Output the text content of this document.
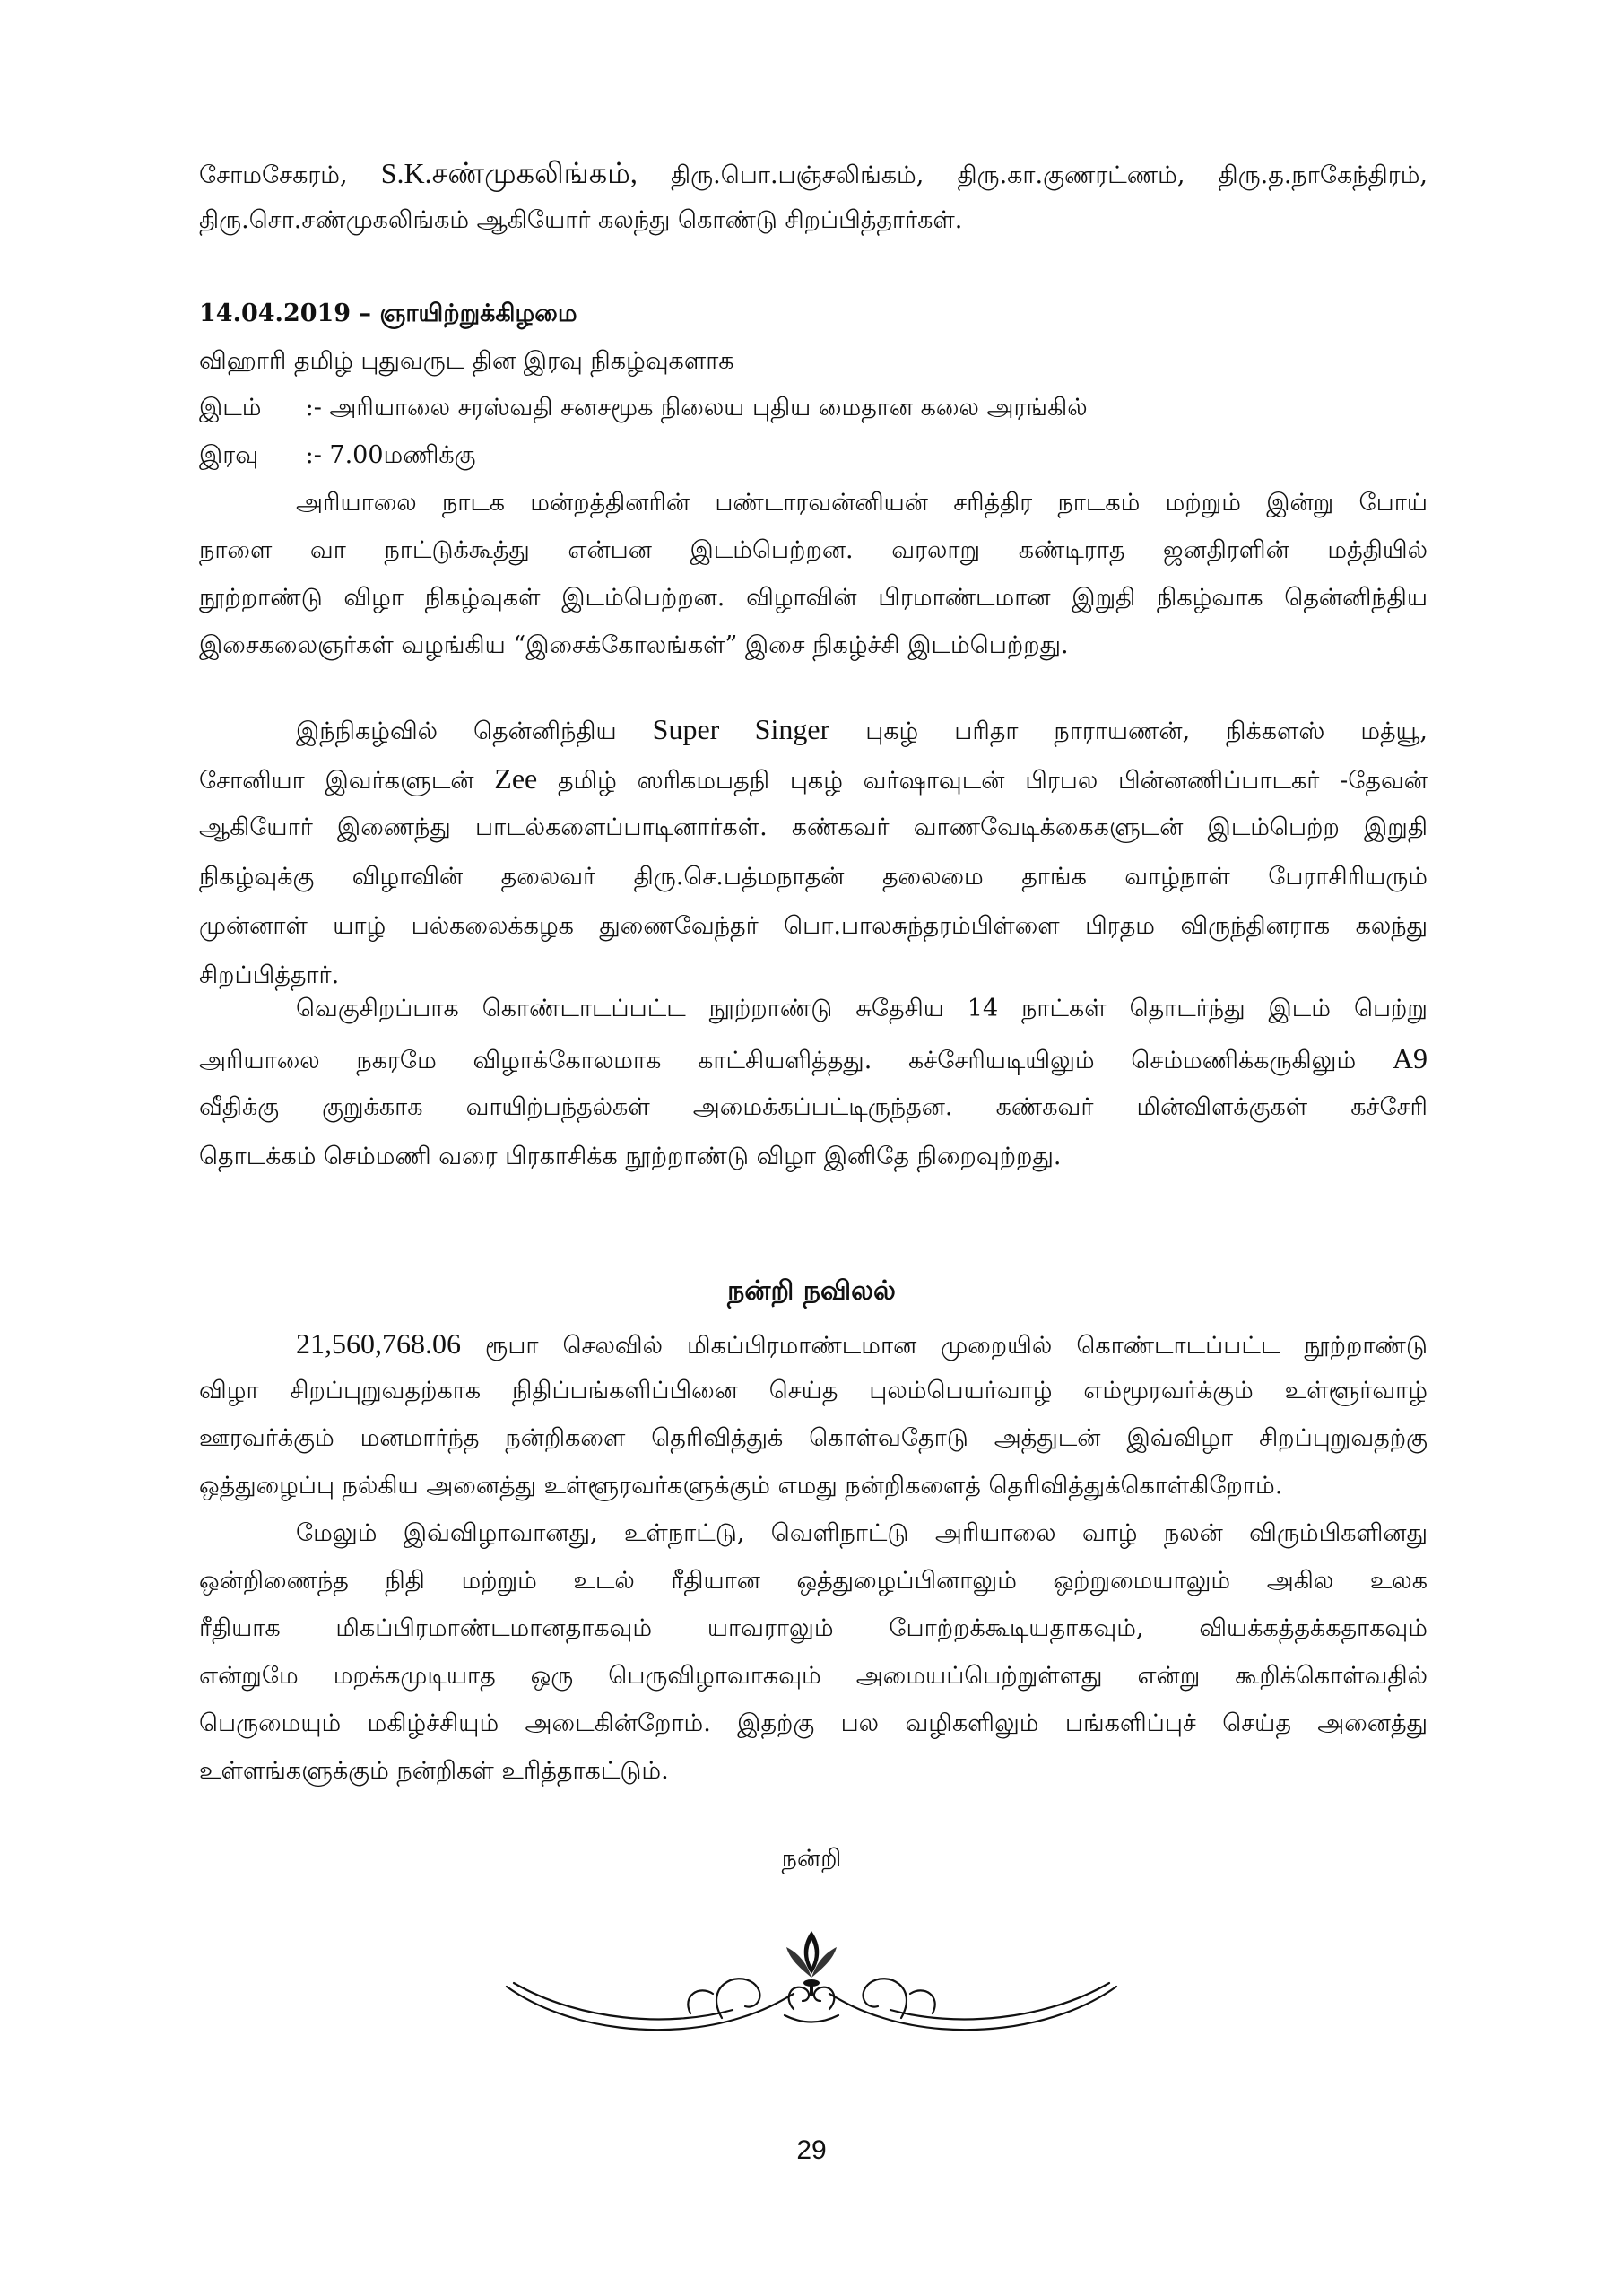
சோமசேகரம், S.K.சண்முகலிங்கம், திரு.பொ.பஞ்சலிங்கம், திரு.கா.குணரட்ணம், திரு.த.நாகேந்திரம்,
திரு.சொ.சண்முகலிங்கம் ஆகியோர் கலந்து கொண்டு சிறப்பித்தார்கள்.
14.04.2019 – ஞாயிற்றுக்கிழமை
விஹாரி தமிழ் புதுவருட தின இரவு நிகழ்வுகளாக
இடம் :- அரியாலை சரஸ்வதி சனசமூக நிலைய புதிய மைதான கலை அரங்கில்
இரவு :- 7.00மணிக்கு
அரியாலை நாடக மன்றத்தினரின் பண்டாரவன்னியன் சரித்திர நாடகம் மற்றும் இன்று போய்
நாளை வா நாட்டுக்கூத்து என்பன இடம்பெற்றன. வரலாறு கண்டிராத ஜனதிரளின் மத்தியில்
நூற்றாண்டு விழா நிகழ்வுகள் இடம்பெற்றன. விழாவின் பிரமாண்டமான இறுதி நிகழ்வாக தென்னிந்திய
இசைகலைஞர்கள் வழங்கிய “இசைக்கோலங்கள்” இசை நிகழ்ச்சி இடம்பெற்றது.
இந்நிகழ்வில் தென்னிந்திய Super Singer புகழ் பரிதா நாராயணன், நிக்களஸ் மத்யூ,
சோனியா இவர்களுடன் Zee தமிழ் ஸரிகமபதநி புகழ் வர்ஷாவுடன் பிரபல பின்னணிப்பாடகர் -தேவன்
ஆகியோர் இணைந்து பாடல்களைப்பாடினார்கள். கண்கவர் வாணவேடிக்கைகளுடன் இடம்பெற்ற இறுதி
நிகழ்வுக்கு விழாவின் தலைவர் திரு.செ.பத்மநாதன் தலைமை தாங்க வாழ்நாள் பேராசிரியரும்
முன்னாள் யாழ் பல்கலைக்கழக துணைவேந்தர் பொ.பாலசுந்தரம்பிள்ளை பிரதம விருந்தினராக கலந்து
சிறப்பித்தார்.
வெகுசிறப்பாக கொண்டாடப்பட்ட நூற்றாண்டு சுதேசிய 14 நாட்கள் தொடர்ந்து இடம் பெற்று
அரியாலை நகரமே விழாக்கோலமாக காட்சியளித்தது. கச்சேரியடியிலும் செம்மணிக்கருகிலும் A9
வீதிக்கு குறுக்காக வாயிற்பந்தல்கள் அமைக்கப்பட்டிருந்தன. கண்கவர் மின்விளக்குகள் கச்சேரி
தொடக்கம் செம்மணி வரை பிரகாசிக்க நூற்றாண்டு விழா இனிதே நிறைவுற்றது.
நன்றி நவிலல்
21,560,768.06 ரூபா செலவில் மிகப்பிரமாண்டமான முறையில் கொண்டாடப்பட்ட நூற்றாண்டு
விழா சிறப்புறுவதற்காக நிதிப்பங்களிப்பினை செய்த புலம்பெயர்வாழ் எம்மூரவர்க்கும் உள்ளூர்வாழ்
ஊரவர்க்கும் மனமார்ந்த நன்றிகளை தெரிவித்துக் கொள்வதோடு அத்துடன் இவ்விழா சிறப்புறுவதற்கு
ஒத்துழைப்பு நல்கிய அனைத்து உள்ளூரவர்களுக்கும் எமது நன்றிகளைத் தெரிவித்துக்கொள்கிறோம்.
மேலும் இவ்விழாவானது, உள்நாட்டு, வெளிநாட்டு அரியாலை வாழ் நலன் விரும்பிகளினது
ஒன்றிணைந்த நிதி மற்றும் உடல் ரீதியான ஒத்துழைப்பினாலும் ஒற்றுமையாலும் அகில உலக
ரீதியாக மிகப்பிரமாண்டமானதாகவும் யாவராலும் போற்றக்கூடியதாகவும், வியக்கத்தக்கதாகவும்
என்றுமே மறக்கமுடியாத ஒரு பெருவிழாவாகவும் அமையப்பெற்றுள்ளது என்று கூறிக்கொள்வதில்
பெருமையும் மகிழ்ச்சியும் அடைகின்றோம். இதற்கு பல வழிகளிலும் பங்களிப்புச் செய்த அனைத்து
உள்ளங்களுக்கும் நன்றிகள் உரித்தாகட்டும்.
நன்றி
29
